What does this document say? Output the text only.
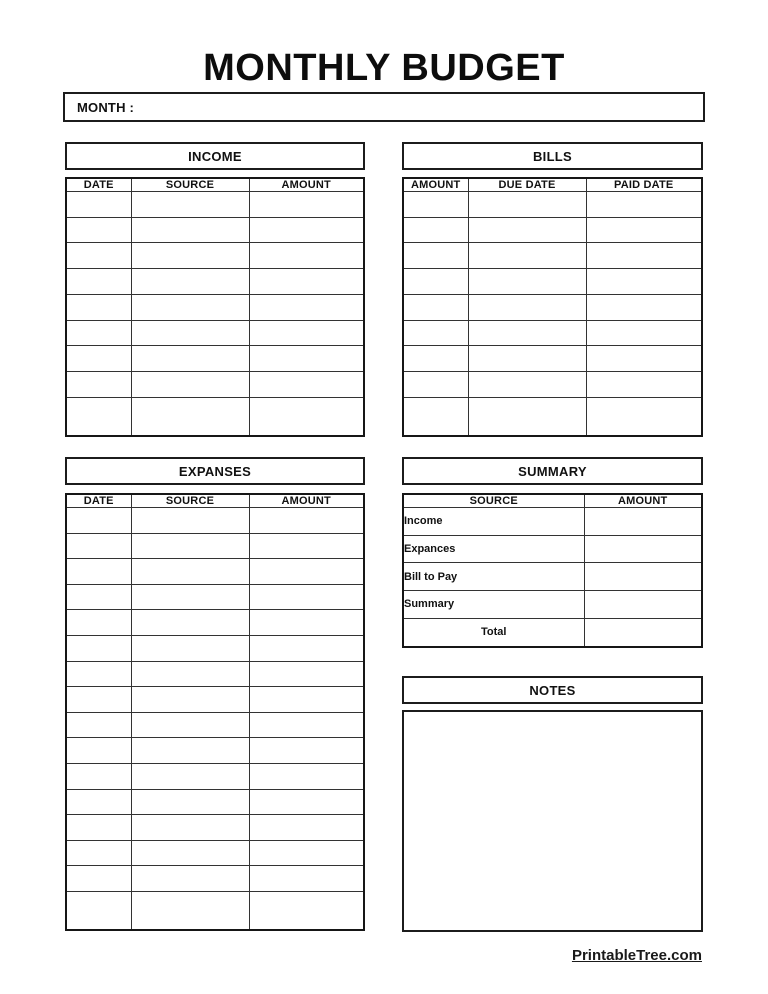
MONTHLY BUDGET
MONTH :
INCOME
DATE	SOURCE	AMOUNT

BILLS
AMOUNT	DUE DATE	PAID DATE

EXPANSES
DATE	SOURCE	AMOUNT

SUMMARY
SOURCE	AMOUNT
Income	
Expances	
Bill to Pay	
Summary	
Total	
NOTES
PrintableTree.com
